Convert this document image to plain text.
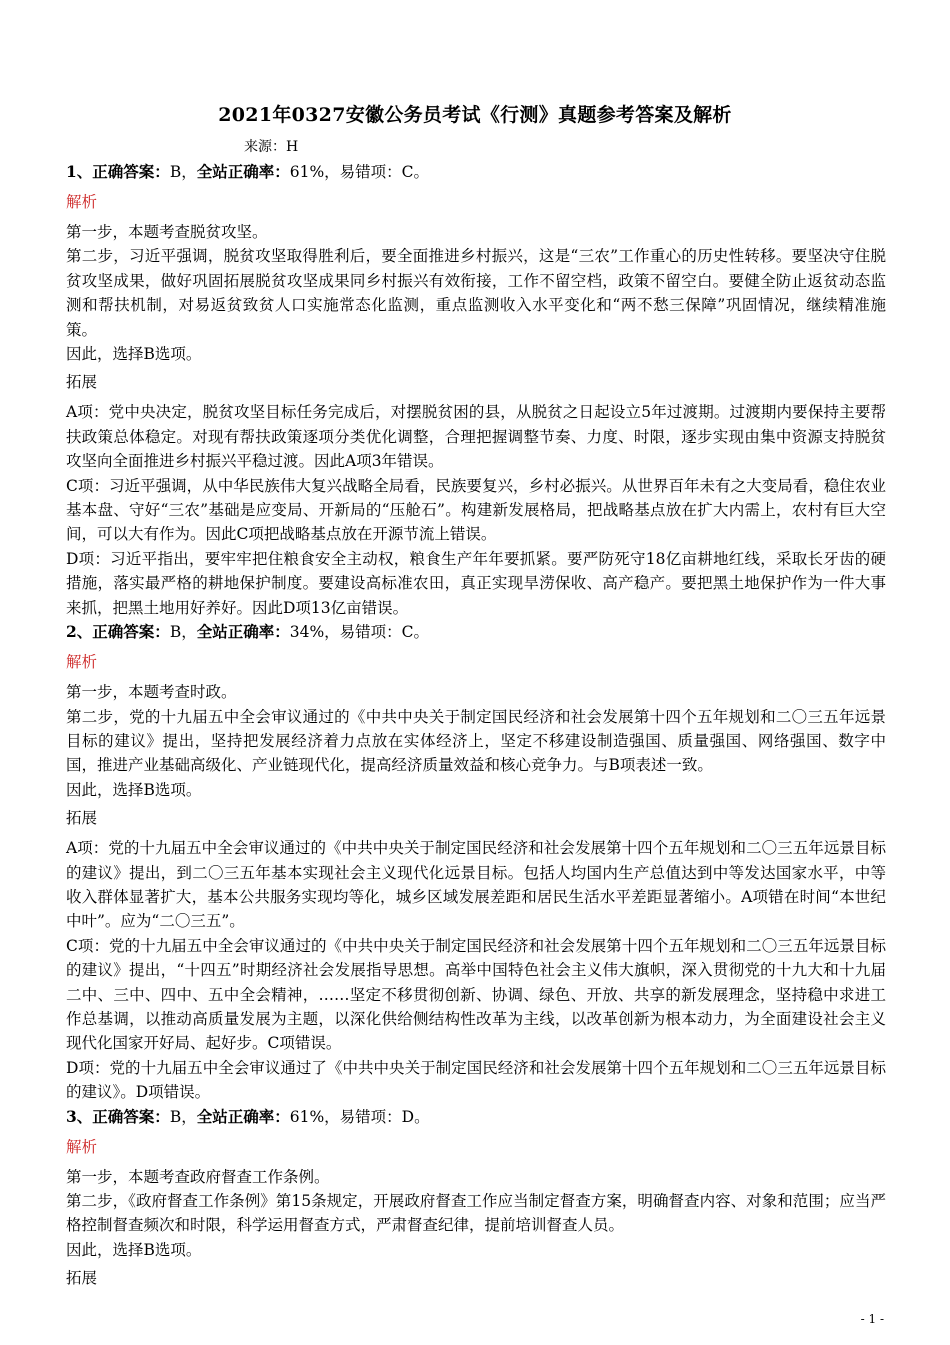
2021年0327安徽公务员考试《行测》真题参考答案及解析
来源：H
1、正确答案：B，全站正确率：61%，易错项：C。
解析
第一步，本题考查脱贫攻坚。
第二步，习近平强调，脱贫攻坚取得胜利后，要全面推进乡村振兴，这是“三农”工作重心的历史性转移。要坚决守住脱贫攻坚成果，做好巩固拓展脱贫攻坚成果同乡村振兴有效衔接，工作不留空档，政策不留空白。要健全防止返贫动态监测和帮扶机制，对易返贫致贫人口实施常态化监测，重点监测收入水平变化和“两不愁三保障”巩固情况，继续精准施策。
因此，选择B选项。
拓展
A项：党中央决定，脱贫攻坚目标任务完成后，对摆脱贫困的县，从脱贫之日起设立5年过渡期。过渡期内要保持主要帮扶政策总体稳定。对现有帮扶政策逐项分类优化调整，合理把握调整节奏、力度、时限，逐步实现由集中资源支持脱贫攻坚向全面推进乡村振兴平稳过渡。因此A项3年错误。
C项：习近平强调，从中华民族伟大复兴战略全局看，民族要复兴，乡村必振兴。从世界百年未有之大变局看，稳住农业基本盘、守好“三农”基础是应变局、开新局的“压舱石”。构建新发展格局，把战略基点放在扩大内需上，农村有巨大空间，可以大有作为。因此C项把战略基点放在开源节流上错误。
D项：习近平指出，要牢牢把住粮食安全主动权，粮食生产年年要抓紧。要严防死守18亿亩耕地红线，采取长牙齿的硬措施，落实最严格的耕地保护制度。要建设高标准农田，真正实现旱涝保收、高产稳产。要把黑土地保护作为一件大事来抓，把黑土地用好养好。因此D项13亿亩错误。
2、正确答案：B，全站正确率：34%，易错项：C。
解析
第一步，本题考查时政。
第二步，党的十九届五中全会审议通过的《中共中央关于制定国民经济和社会发展第十四个五年规划和二〇三五年远景目标的建议》提出，坚持把发展经济着力点放在实体经济上，坚定不移建设制造强国、质量强国、网络强国、数字中国，推进产业基础高级化、产业链现代化，提高经济质量效益和核心竞争力。与B项表述一致。
因此，选择B选项。
拓展
A项：党的十九届五中全会审议通过的《中共中央关于制定国民经济和社会发展第十四个五年规划和二〇三五年远景目标的建议》提出，到二〇三五年基本实现社会主义现代化远景目标。包括人均国内生产总值达到中等发达国家水平，中等收入群体显著扩大，基本公共服务实现均等化，城乡区域发展差距和居民生活水平差距显著缩小。A项错在时间“本世纪中叶”。应为“二〇三五”。
C项：党的十九届五中全会审议通过的《中共中央关于制定国民经济和社会发展第十四个五年规划和二〇三五年远景目标的建议》提出，“十四五”时期经济社会发展指导思想。高举中国特色社会主义伟大旗帜，深入贯彻党的十九大和十九届二中、三中、四中、五中全会精神，……坚定不移贯彻创新、协调、绿色、开放、共享的新发展理念，坚持稳中求进工作总基调，以推动高质量发展为主题，以深化供给侧结构性改革为主线，以改革创新为根本动力，为全面建设社会主义现代化国家开好局、起好步。C项错误。
D项：党的十九届五中全会审议通过了《中共中央关于制定国民经济和社会发展第十四个五年规划和二〇三五年远景目标的建议》。D项错误。
3、正确答案：B，全站正确率：61%，易错项：D。
解析
第一步，本题考查政府督查工作条例。
第二步，《政府督查工作条例》第15条规定，开展政府督查工作应当制定督查方案，明确督查内容、对象和范围；应当严格控制督查频次和时限，科学运用督查方式，严肃督查纪律，提前培训督查人员。
因此，选择B选项。
拓展
- 1 -
